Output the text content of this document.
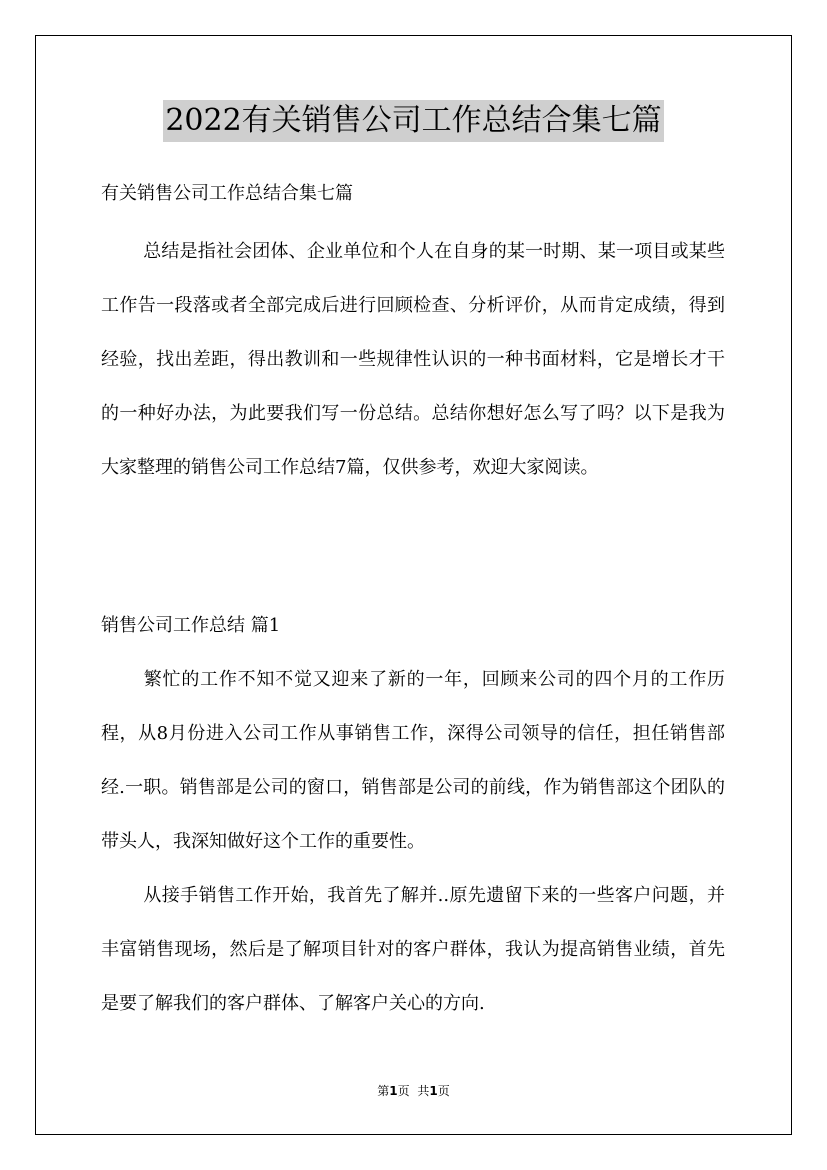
2022有关销售公司工作总结合集七篇
有关销售公司工作总结合集七篇
总结是指社会团体、企业单位和个人在自身的某一时期、某一项目或某些工作告一段落或者全部完成后进行回顾检查、分析评价，从而肯定成绩，得到经验，找出差距，得出教训和一些规律性认识的一种书面材料，它是增长才干的一种好办法，为此要我们写一份总结。总结你想好怎么写了吗？以下是我为大家整理的销售公司工作总结7篇，仅供参考，欢迎大家阅读。
销售公司工作总结 篇1
繁忙的工作不知不觉又迎来了新的一年，回顾来公司的四个月的工作历程，从8月份进入公司工作从事销售工作，深得公司领导的信任，担任销售部经.一职。销售部是公司的窗口，销售部是公司的前线，作为销售部这个团队的带头人，我深知做好这个工作的重要性。
从接手销售工作开始，我首先了解并..原先遗留下来的一些客户问题，并丰富销售现场，然后是了解项目针对的客户群体，我认为提高销售业绩，首先是要了解我们的客户群体、了解客户关心的方向.
第1页 共1页
